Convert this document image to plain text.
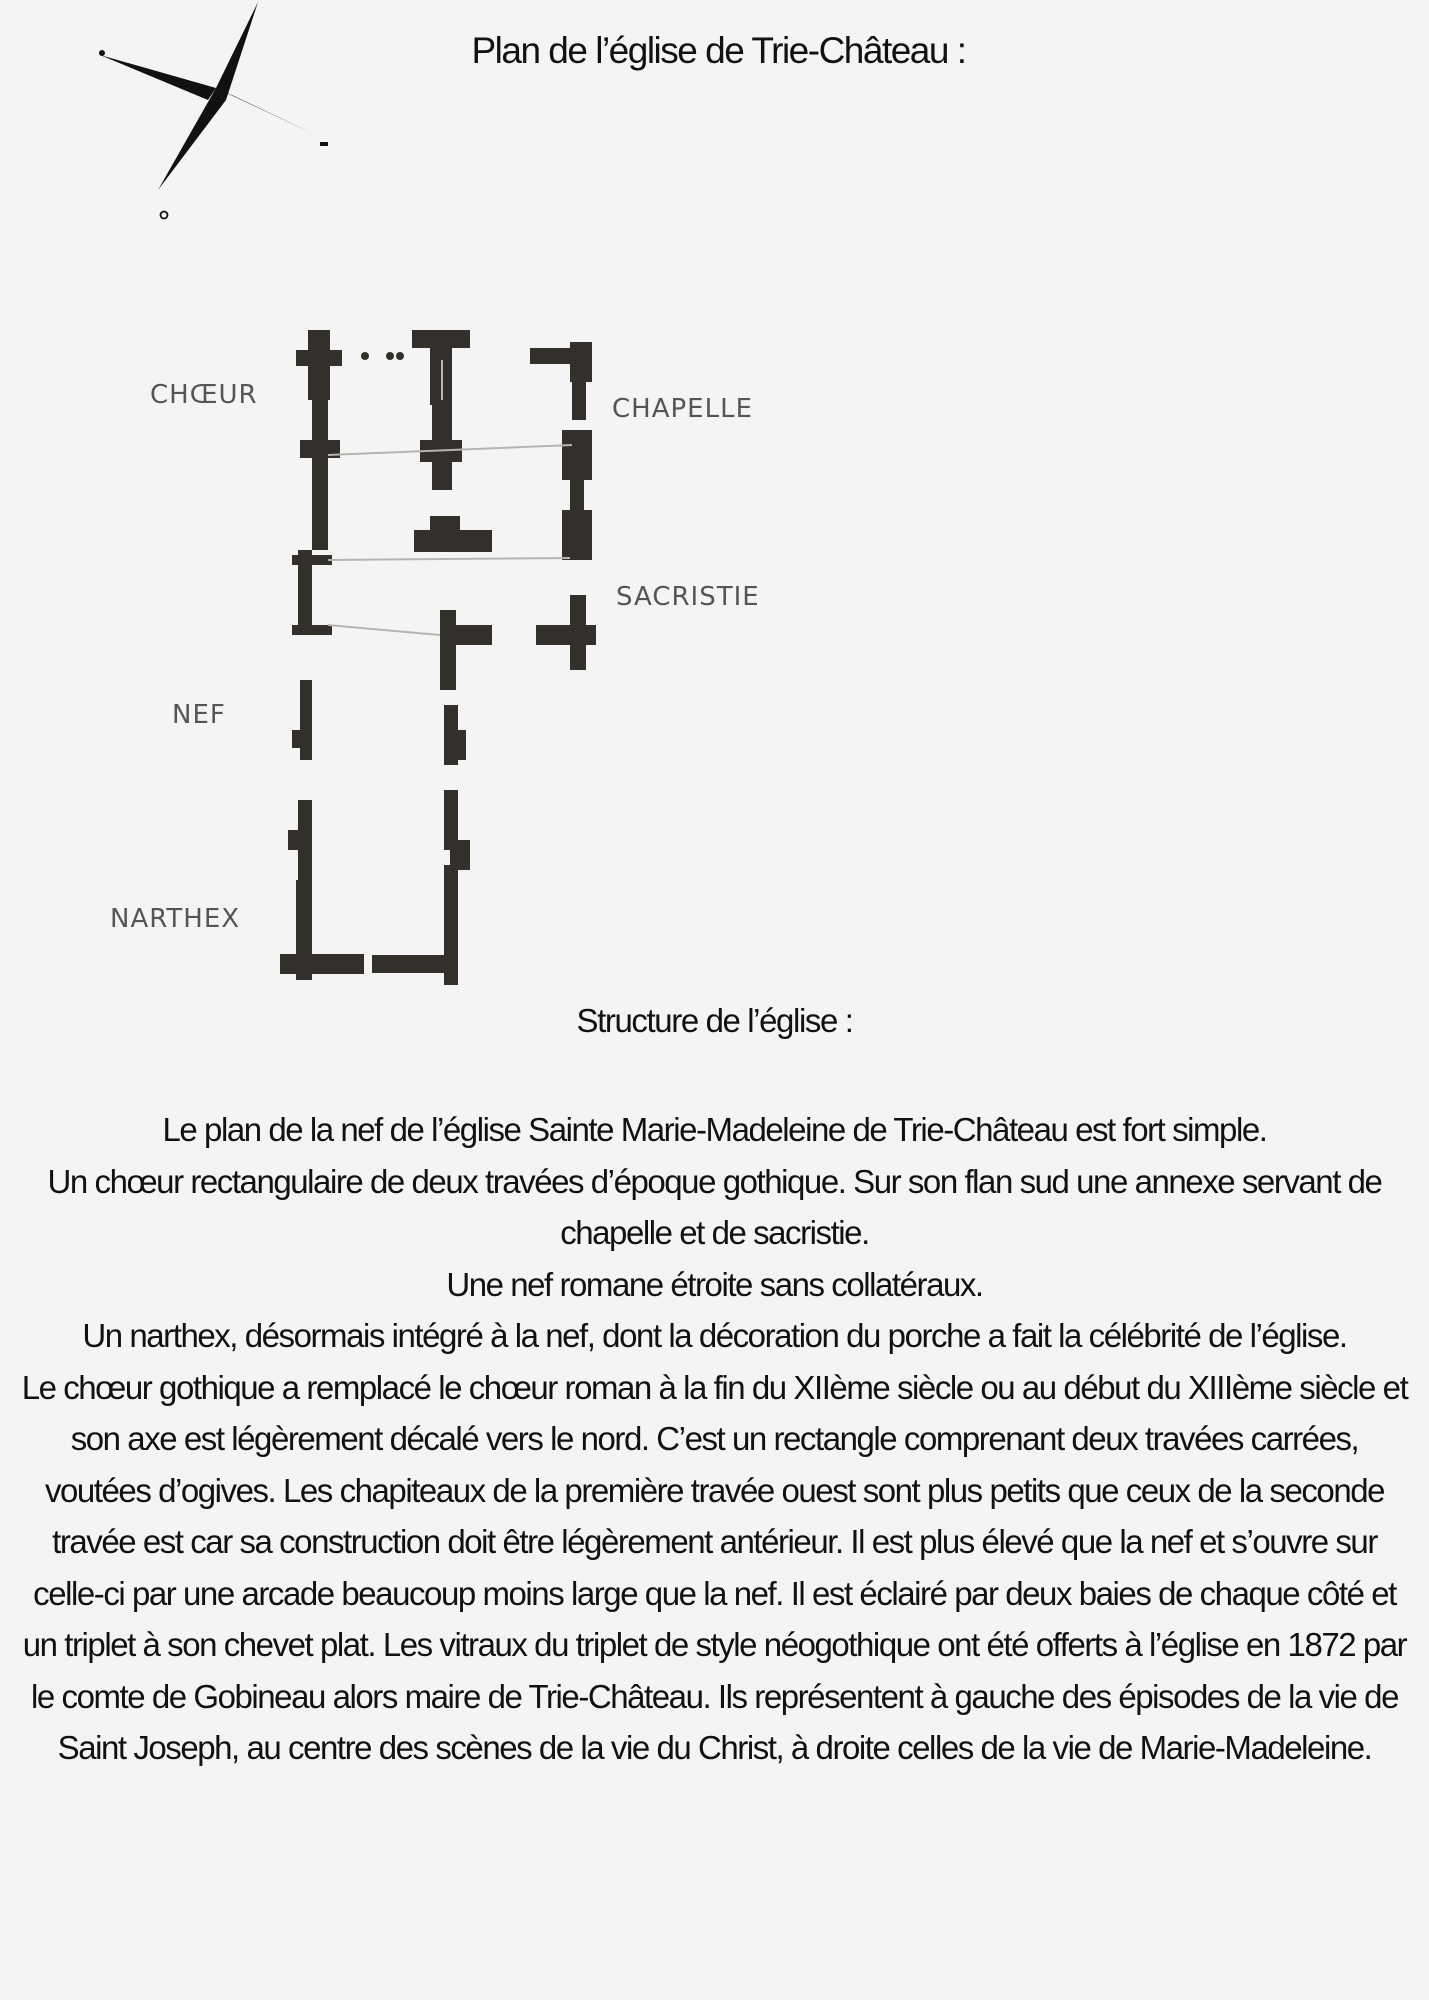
Plan de l’église de Trie-Château :
CHŒUR	CHAPELLE
SACRISTIE
NEF
NARTHEX
Structure de l’église :

Le plan de la nef de l’église Sainte Marie-Madeleine de Trie-Château est fort simple.

Un chœur rectangulaire de deux travées d’époque gothique. Sur son flan sud une annexe servant de chapelle et de sacristie.

Une nef romane étroite sans collatéraux.

Un narthex, désormais intégré à la nef, dont la décoration du porche a fait la célébrité de l’église.

Le chœur gothique a remplacé le chœur roman à la fin du XIIème siècle ou au début du XIIIème siècle et son axe est légèrement décalé vers le nord. C’est un rectangle comprenant deux travées carrées, voutées d’ogives. Les chapiteaux de la première travée ouest sont plus petits que ceux de la seconde travée est car sa construction doit être légèrement antérieur. Il est plus élevé que la nef et s’ouvre sur celle-ci par une arcade beaucoup moins large que la nef. Il est éclairé par deux baies de chaque côté et un triplet à son chevet plat. Les vitraux du triplet de style néogothique ont été offerts à l’église en 1872 par le comte de Gobineau alors maire de Trie-Château. Ils représentent à gauche des épisodes de la vie de Saint Joseph, au centre des scènes de la vie du Christ, à droite celles de la vie de Marie-Madeleine.
